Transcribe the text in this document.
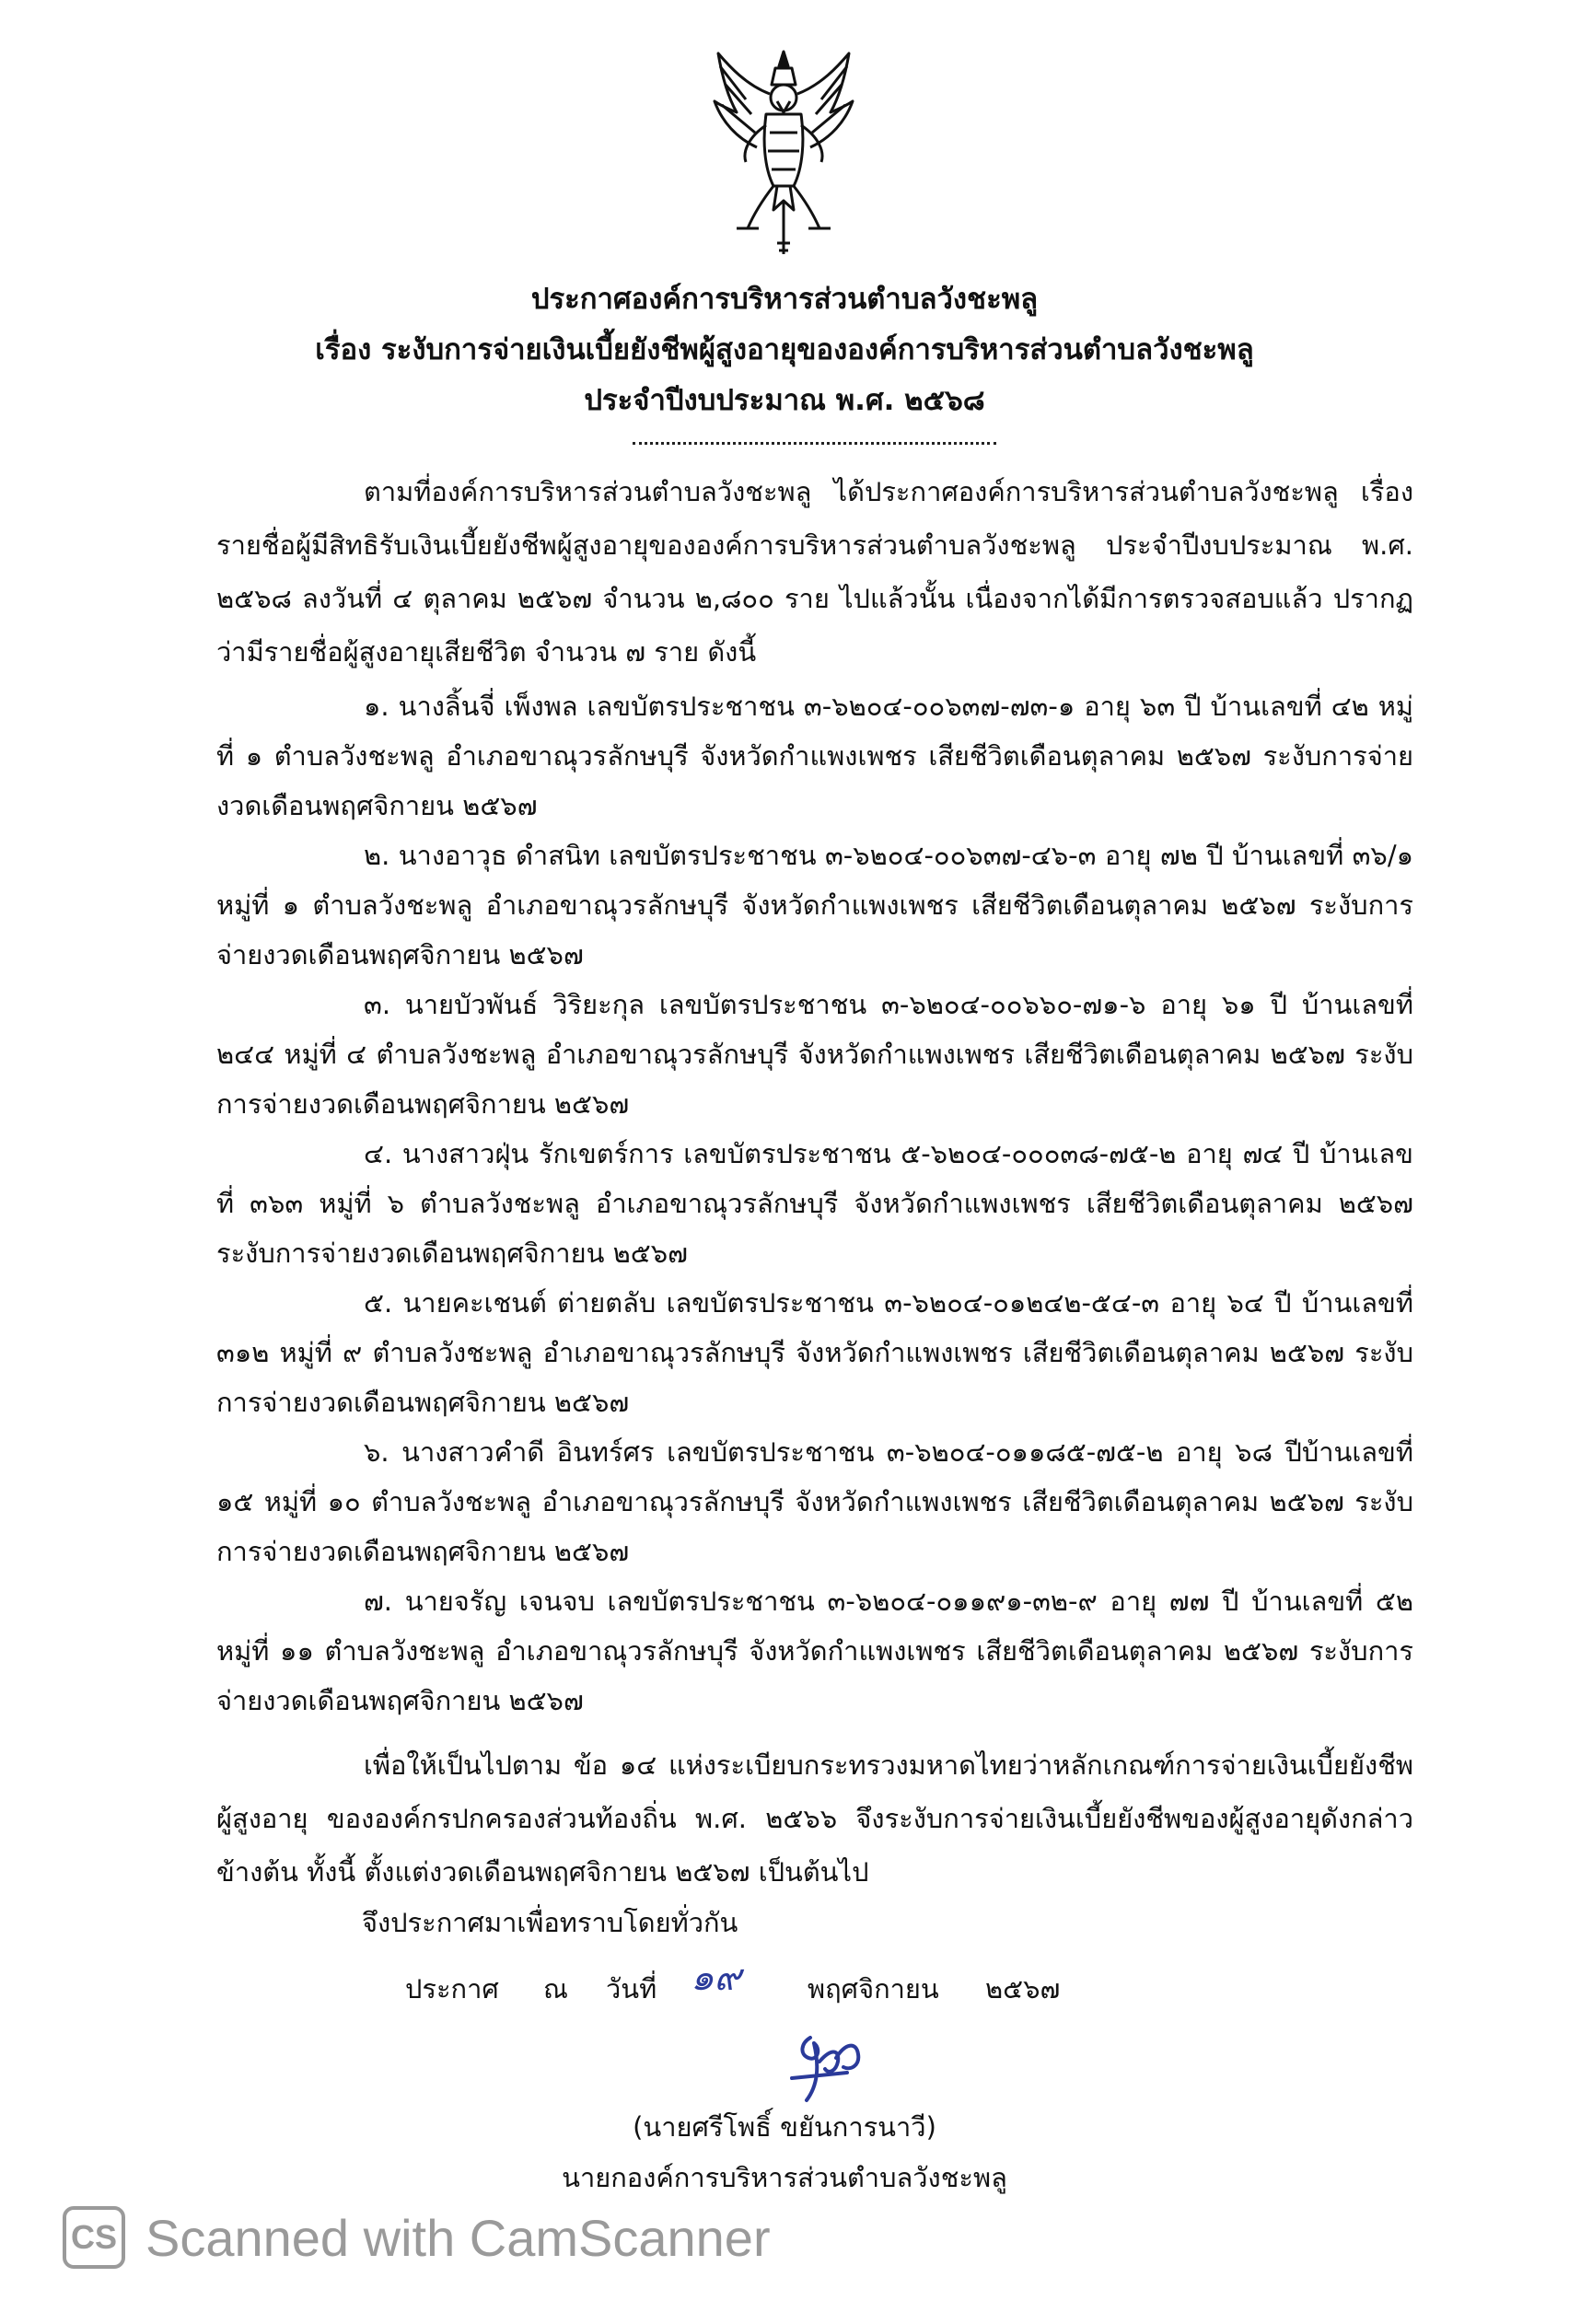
ประกาศองค์การบริหารส่วนตำบลวังชะพลู
เรื่อง ระงับการจ่ายเงินเบี้ยยังชีพผู้สูงอายุขององค์การบริหารส่วนตำบลวังชะพลู
ประจำปีงบประมาณ พ.ศ. ๒๕๖๘
ตามที่องค์การบริหารส่วนตำบลวังชะพลู ได้ประกาศองค์การบริหารส่วนตำบลวังชะพลู เรื่อง รายชื่อผู้มีสิทธิรับเงินเบี้ยยังชีพผู้สูงอายุขององค์การบริหารส่วนตำบลวังชะพลู ประจำปีงบประมาณ พ.ศ. ๒๕๖๘ ลงวันที่ ๔ ตุลาคม ๒๕๖๗ จำนวน ๒,๘๐๐ ราย ไปแล้วนั้น เนื่องจากได้มีการตรวจสอบแล้ว ปรากฏว่ามีรายชื่อผู้สูงอายุเสียชีวิต จำนวน ๗ ราย ดังนี้
๑. นางลิ้นจี่ เพ็งพล เลขบัตรประชาชน ๓-๖๒๐๔-๐๐๖๓๗-๗๓-๑ อายุ ๖๓ ปี บ้านเลขที่ ๔๒ หมู่ที่ ๑ ตำบลวังชะพลู อำเภอขาณุวรลักษบุรี จังหวัดกำแพงเพชร เสียชีวิตเดือนตุลาคม ๒๕๖๗ ระงับการจ่ายงวดเดือนพฤศจิกายน ๒๕๖๗
๒. นางอาวุธ ดำสนิท เลขบัตรประชาชน ๓-๖๒๐๔-๐๐๖๓๗-๔๖-๓ อายุ ๗๒ ปี บ้านเลขที่ ๓๖/๑ หมู่ที่ ๑ ตำบลวังชะพลู อำเภอขาณุวรลักษบุรี จังหวัดกำแพงเพชร เสียชีวิตเดือนตุลาคม ๒๕๖๗ ระงับการจ่ายงวดเดือนพฤศจิกายน ๒๕๖๗
๓. นายบัวพันธ์ วิริยะกุล เลขบัตรประชาชน ๓-๖๒๐๔-๐๐๖๖๐-๗๑-๖ อายุ ๖๑ ปี บ้านเลขที่ ๒๔๔ หมู่ที่ ๔ ตำบลวังชะพลู อำเภอขาณุวรลักษบุรี จังหวัดกำแพงเพชร เสียชีวิตเดือนตุลาคม ๒๕๖๗ ระงับการจ่ายงวดเดือนพฤศจิกายน ๒๕๖๗
๔. นางสาวฝุ่น รักเขตร์การ เลขบัตรประชาชน ๕-๖๒๐๔-๐๐๐๓๘-๗๕-๒ อายุ ๗๔ ปี บ้านเลขที่ ๓๖๓ หมู่ที่ ๖ ตำบลวังชะพลู อำเภอขาณุวรลักษบุรี จังหวัดกำแพงเพชร เสียชีวิตเดือนตุลาคม ๒๕๖๗ ระงับการจ่ายงวดเดือนพฤศจิกายน ๒๕๖๗
๕. นายคะเชนต์ ต่ายตลับ เลขบัตรประชาชน ๓-๖๒๐๔-๐๑๒๔๒-๕๔-๓ อายุ ๖๔ ปี บ้านเลขที่ ๓๑๒ หมู่ที่ ๙ ตำบลวังชะพลู อำเภอขาณุวรลักษบุรี จังหวัดกำแพงเพชร เสียชีวิตเดือนตุลาคม ๒๕๖๗ ระงับการจ่ายงวดเดือนพฤศจิกายน ๒๕๖๗
๖. นางสาวคำดี อินทร์ศร เลขบัตรประชาชน ๓-๖๒๐๔-๐๑๑๘๕-๗๕-๒ อายุ ๖๘ ปีบ้านเลขที่ ๑๕ หมู่ที่ ๑๐ ตำบลวังชะพลู อำเภอขาณุวรลักษบุรี จังหวัดกำแพงเพชร เสียชีวิตเดือนตุลาคม ๒๕๖๗ ระงับการจ่ายงวดเดือนพฤศจิกายน ๒๕๖๗
๗. นายจรัญ เจนจบ เลขบัตรประชาชน ๓-๖๒๐๔-๐๑๑๙๑-๓๒-๙ อายุ ๗๗ ปี บ้านเลขที่ ๕๒ หมู่ที่ ๑๑ ตำบลวังชะพลู อำเภอขาณุวรลักษบุรี จังหวัดกำแพงเพชร เสียชีวิตเดือนตุลาคม ๒๕๖๗ ระงับการจ่ายงวดเดือนพฤศจิกายน ๒๕๖๗
เพื่อให้เป็นไปตาม ข้อ ๑๔ แห่งระเบียบกระทรวงมหาดไทยว่าหลักเกณฑ์การจ่ายเงินเบี้ยยังชีพผู้สูงอายุ ขององค์กรปกครองส่วนท้องถิ่น พ.ศ. ๒๕๖๖ จึงระงับการจ่ายเงินเบี้ยยังชีพของผู้สูงอายุดังกล่าวข้างต้น ทั้งนี้ ตั้งแต่งวดเดือนพฤศจิกายน ๒๕๖๗ เป็นต้นไป
จึงประกาศมาเพื่อทราบโดยทั่วกัน
ประกาศ ณ วันที่ ๑๙ พฤศจิกายน ๒๕๖๗
(นายศรีโพธิ์ ขยันการนาวี)
นายกองค์การบริหารส่วนตำบลวังชะพลู
CS Scanned with CamScanner
